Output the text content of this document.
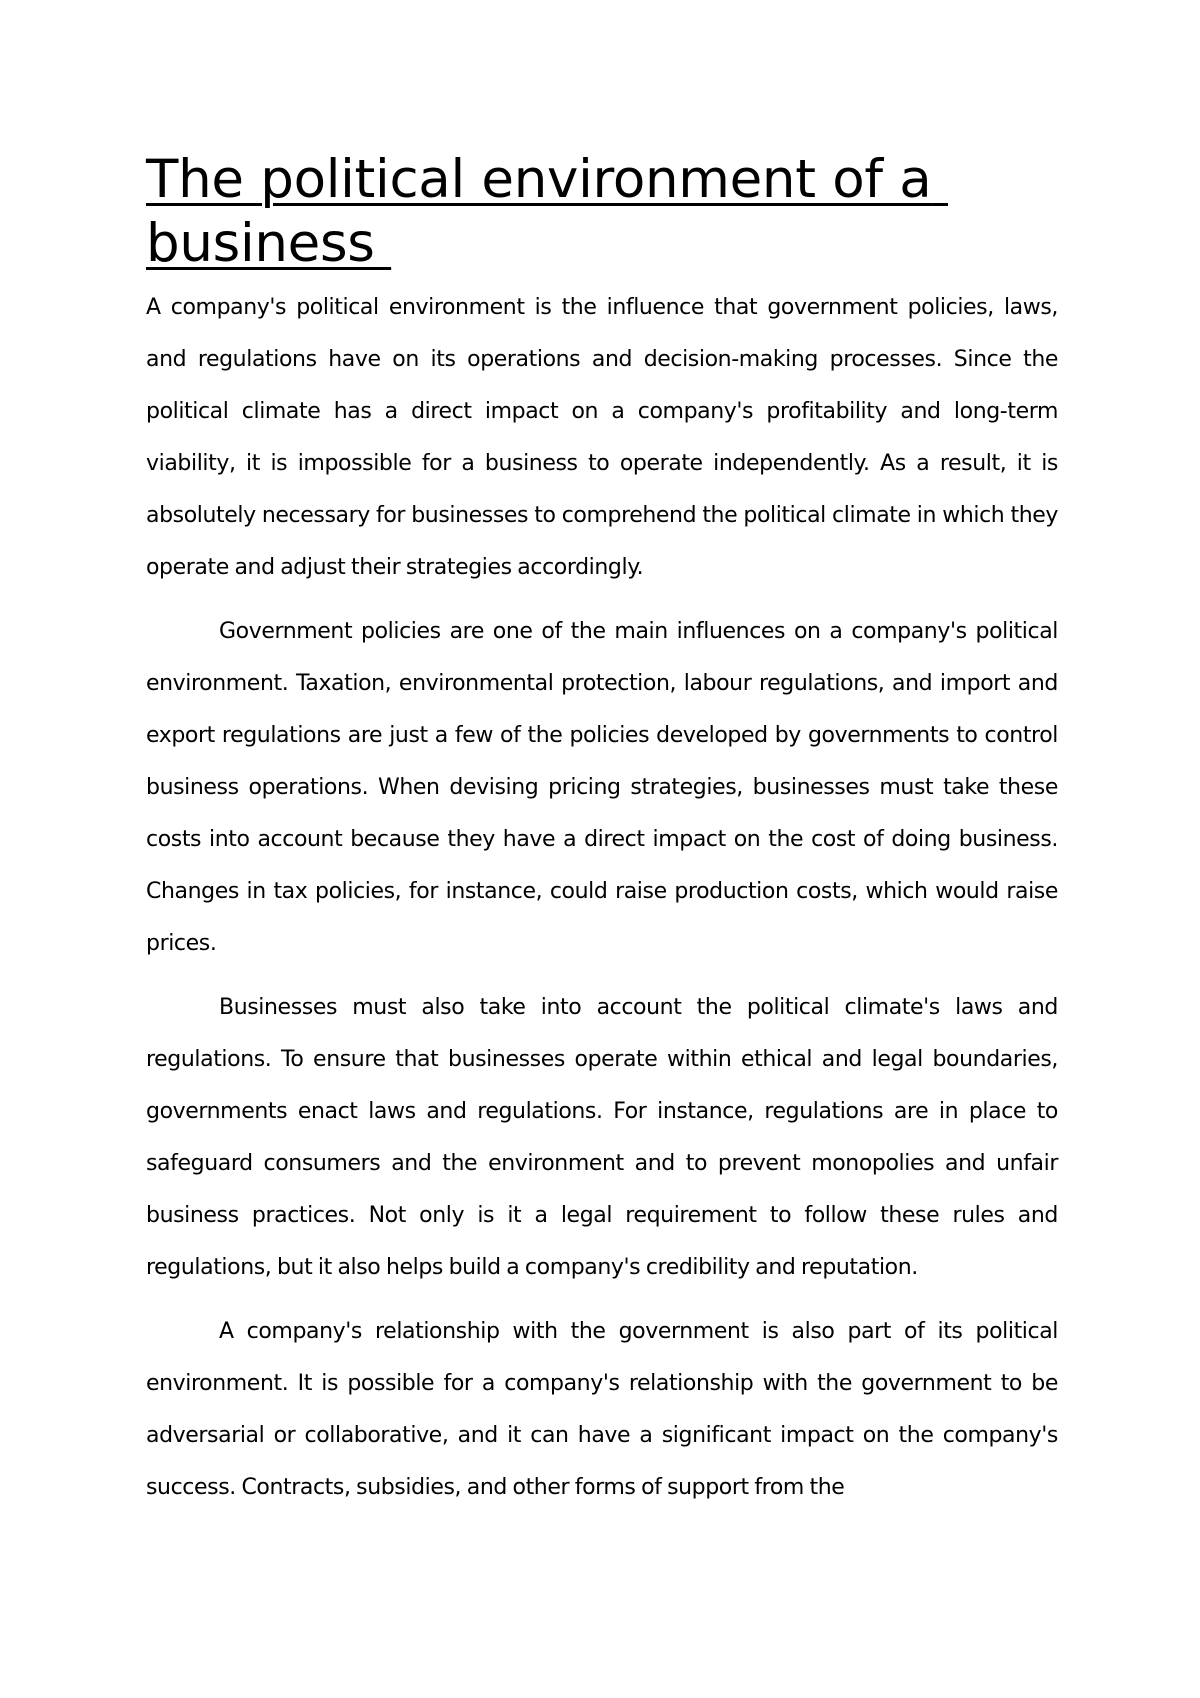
The political environment of a business

A company's political environment is the influence that government policies, laws, and regulations have on its operations and decision-making processes. Since the political climate has a direct impact on a company's profitability and long-term viability, it is impossible for a business to operate independently. As a result, it is absolutely necessary for businesses to comprehend the political climate in which they operate and adjust their strategies accordingly.

Government policies are one of the main influences on a company's political environment. Taxation, environmental protection, labour regulations, and import and export regulations are just a few of the policies developed by governments to control business operations. When devising pricing strategies, businesses must take these costs into account because they have a direct impact on the cost of doing business. Changes in tax policies, for instance, could raise production costs, which would raise prices.

Businesses must also take into account the political climate's laws and regulations. To ensure that businesses operate within ethical and legal boundaries, governments enact laws and regulations. For instance, regulations are in place to safeguard consumers and the environment and to prevent monopolies and unfair business practices. Not only is it a legal requirement to follow these rules and regulations, but it also helps build a company's credibility and reputation.

A company's relationship with the government is also part of its political environment. It is possible for a company's relationship with the government to be adversarial or collaborative, and it can have a significant impact on the company's success. Contracts, subsidies, and other forms of support from the
